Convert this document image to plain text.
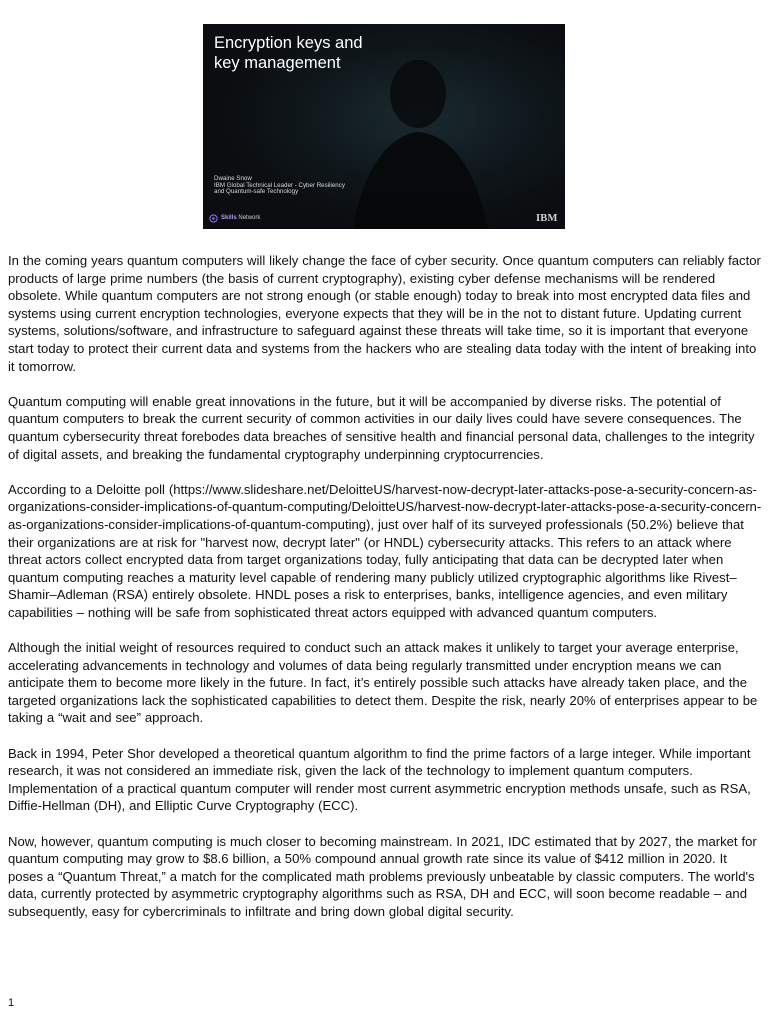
Encryption keys and
key management
Dwaine Snow
IBM Global Technical Leader - Cyber Resiliency
and Quantum-safe Technology
Skills Network	IBM

In the coming years quantum computers will likely change the face of cyber security. Once quantum computers can reliably factor products of large prime numbers (the basis of current cryptography), existing cyber defense mechanisms will be rendered obsolete. While quantum computers are not strong enough (or stable enough) today to break into most encrypted data files and systems using current encryption technologies, everyone expects that they will be in the not to distant future. Updating current systems, solutions/software, and infrastructure to safeguard against these threats will take time, so it is important that everyone start today to protect their current data and systems from the hackers who are stealing data today with the intent of breaking into it tomorrow.

Quantum computing will enable great innovations in the future, but it will be accompanied by diverse risks. The potential of quantum computers to break the current security of common activities in our daily lives could have severe consequences. The quantum cybersecurity threat forebodes data breaches of sensitive health and financial personal data, challenges to the integrity of digital assets, and breaking the fundamental cryptography underpinning cryptocurrencies.

According to a Deloitte poll (https://www.slideshare.net/DeloitteUS/harvest-now-decrypt-later-attacks-pose-a-security-concern-as-organizations-consider-implications-of-quantum-computing/DeloitteUS/harvest-now-decrypt-later-attacks-pose-a-security-concern-as-organizations-consider-implications-of-quantum-computing), just over half of its surveyed professionals (50.2%) believe that their organizations are at risk for "harvest now, decrypt later" (or HNDL) cybersecurity attacks. This refers to an attack where threat actors collect encrypted data from target organizations today, fully anticipating that data can be decrypted later when quantum computing reaches a maturity level capable of rendering many publicly utilized cryptographic algorithms like Rivest–Shamir–Adleman (RSA) entirely obsolete. HNDL poses a risk to enterprises, banks, intelligence agencies, and even military capabilities – nothing will be safe from sophisticated threat actors equipped with advanced quantum computers.

Although the initial weight of resources required to conduct such an attack makes it unlikely to target your average enterprise, accelerating advancements in technology and volumes of data being regularly transmitted under encryption means we can anticipate them to become more likely in the future. In fact, it’s entirely possible such attacks have already taken place, and the targeted organizations lack the sophisticated capabilities to detect them. Despite the risk, nearly 20% of enterprises appear to be taking a “wait and see” approach.

Back in 1994, Peter Shor developed a theoretical quantum algorithm to find the prime factors of a large integer. While important research, it was not considered an immediate risk, given the lack of the technology to implement quantum computers. Implementation of a practical quantum computer will render most current asymmetric encryption methods unsafe, such as RSA, Diffie-Hellman (DH), and Elliptic Curve Cryptography (ECC).

Now, however, quantum computing is much closer to becoming mainstream. In 2021, IDC estimated that by 2027, the market for quantum computing may grow to $8.6 billion, a 50% compound annual growth rate since its value of $412 million in 2020. It poses a “Quantum Threat,” a match for the complicated math problems previously unbeatable by classic computers. The world's data, currently protected by asymmetric cryptography algorithms such as RSA, DH and ECC, will soon become readable – and subsequently, easy for cybercriminals to infiltrate and bring down global digital security.

1
